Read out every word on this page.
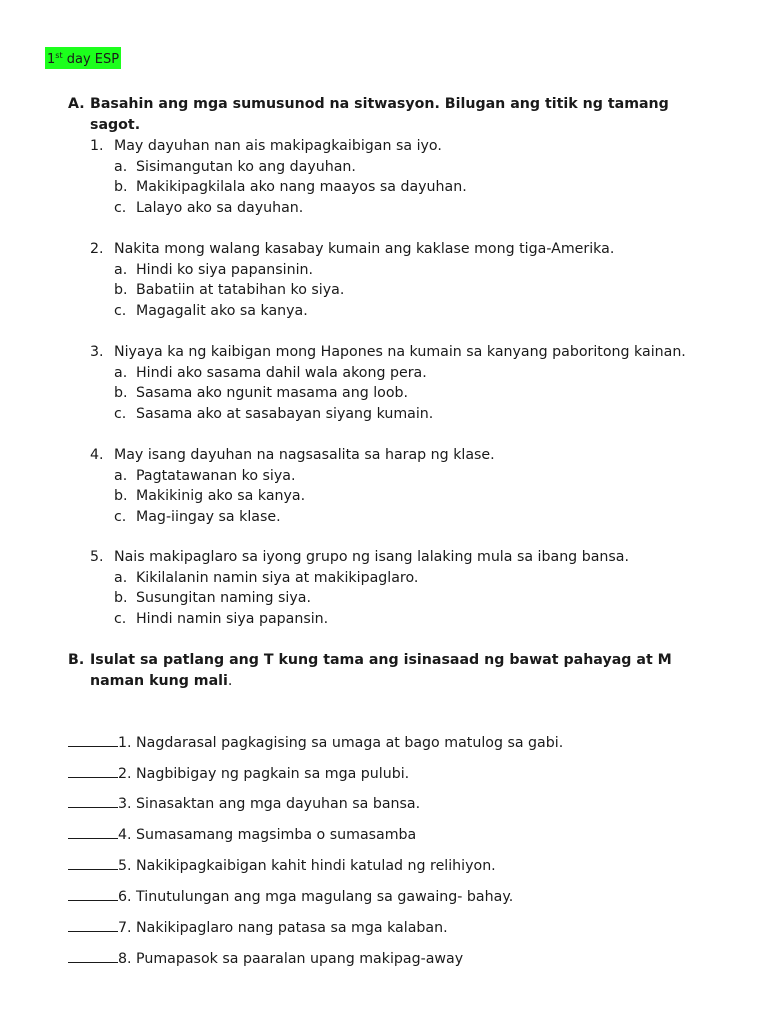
1st day ESP
A. Basahin ang mga sumusunod na sitwasyon. Bilugan ang titik ng tamang sagot.
1. May dayuhan nan ais makipagkaibigan sa iyo.
a. Sisimangutan ko ang dayuhan.
b. Makikipagkilala ako nang maayos sa dayuhan.
c. Lalayo ako sa dayuhan.
2. Nakita mong walang kasabay kumain ang kaklase mong tiga-Amerika.
a. Hindi ko siya papansinin.
b. Babatiin at tatabihan ko siya.
c. Magagalit ako sa kanya.
3. Niyaya ka ng kaibigan mong Hapones na kumain sa kanyang paboritong kainan.
a. Hindi ako sasama dahil wala akong pera.
b. Sasama ako ngunit masama ang loob.
c. Sasama ako at sasabayan siyang kumain.
4. May isang dayuhan na nagsasalita sa harap ng klase.
a. Pagtatawanan ko siya.
b. Makikinig ako sa kanya.
c. Mag-iingay sa klase.
5. Nais makipaglaro sa iyong grupo ng isang lalaking mula sa ibang bansa.
a. Kikilalanin namin siya at makikipaglaro.
b. Susungitan naming siya.
c. Hindi namin siya papansin.
B. Isulat sa patlang ang T kung tama ang isinasaad ng bawat pahayag at M naman kung mali.
1. Nagdarasal pagkagising sa umaga at bago matulog sa gabi.
2. Nagbibigay ng pagkain sa mga pulubi.
3. Sinasaktan ang mga dayuhan sa bansa.
4. Sumasamang magsimba o sumasamba
5. Nakikipagkaibigan kahit hindi katulad ng relihiyon.
6. Tinutulungan ang mga magulang sa gawaing- bahay.
7. Nakikipaglaro nang patasa sa mga kalaban.
8. Pumapasok sa paaralan upang makipag-away
